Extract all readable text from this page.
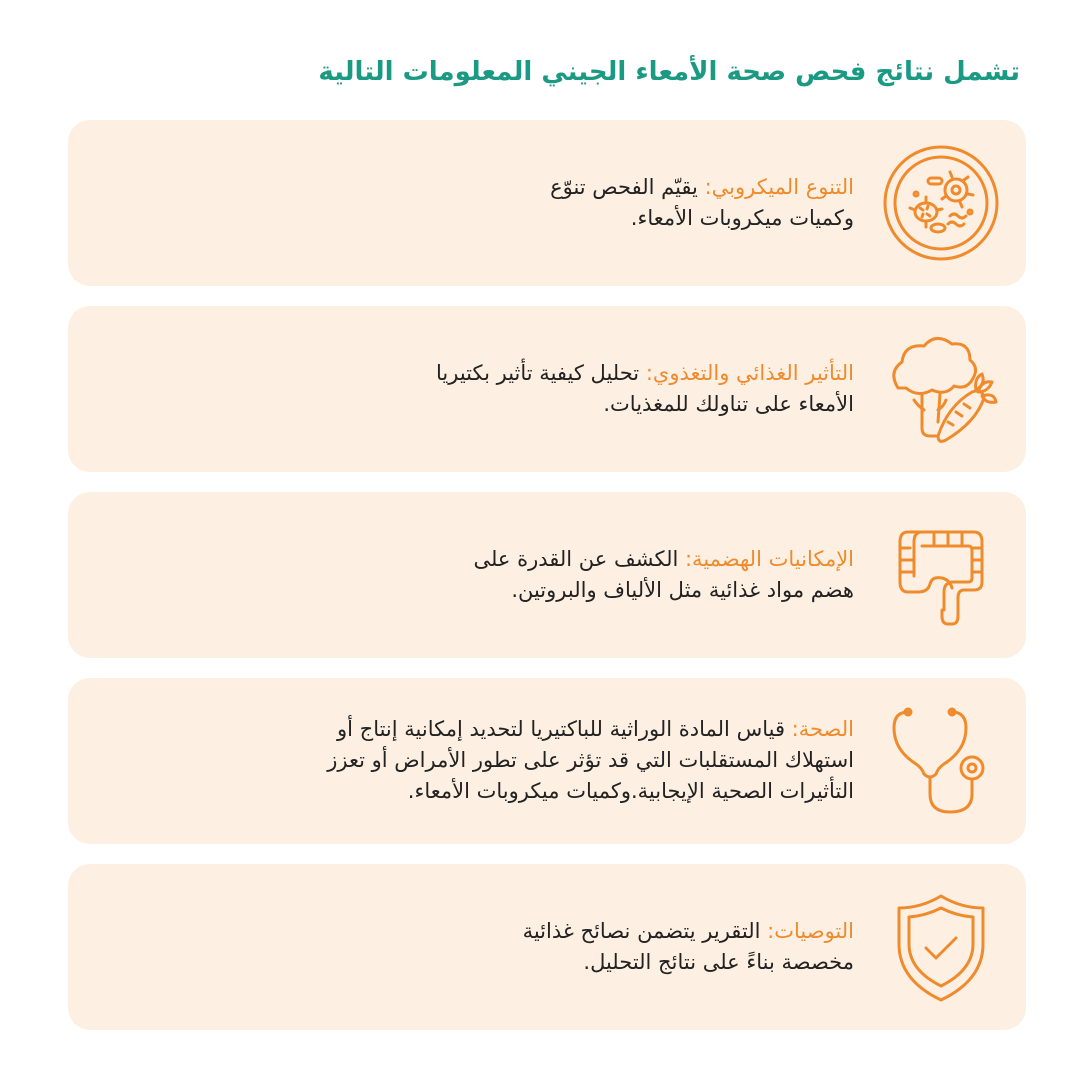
تشمل نتائج فحص صحة الأمعاء الجيني المعلومات التالية
التنوع الميكروبي: يقيّم الفحص تنوّع
وكميات ميكروبات الأمعاء.
التأثير الغذائي والتغذوي: تحليل كيفية تأثير بكتيريا
الأمعاء على تناولك للمغذيات.
الإمكانيات الهضمية: الكشف عن القدرة على
هضم مواد غذائية مثل الألياف والبروتين.
الصحة: قياس المادة الوراثية للباكتيريا لتحديد إمكانية إنتاج أو
استهلاك المستقلبات التي قد تؤثر على تطور الأمراض أو تعزز
التأثيرات الصحية الإيجابية.وكميات ميكروبات الأمعاء.
التوصيات: التقرير يتضمن نصائح غذائية
مخصصة بناءً على نتائج التحليل.
